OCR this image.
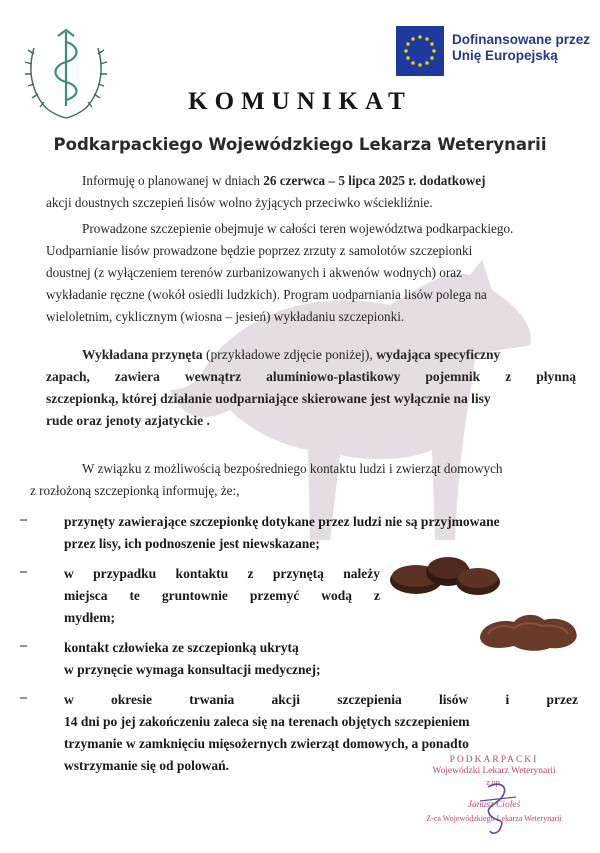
Dofinansowane przez
Unię Europejską
KOMUNIKAT
Podkarpackiego Wojewódzkiego Lekarza Weterynarii
Informuję o planowanej w dniach 26 czerwca – 5 lipca 2025 r. dodatkowej
akcji doustnych szczepień lisów wolno żyjących przeciwko wściekliźnie.
Prowadzone szczepienie obejmuje w całości teren województwa podkarpackiego.
Uodparnianie lisów prowadzone będzie poprzez zrzuty z samolotów szczepionki
doustnej (z wyłączeniem terenów zurbanizowanych i akwenów wodnych) oraz
wykładanie ręczne (wokół osiedli ludzkich). Program uodparniania lisów polega na
wieloletnim, cyklicznym (wiosna – jesień) wykładaniu szczepionki.
Wykładana przynęta (przykładowe zdjęcie poniżej), wydająca specyficzny
zapach, zawiera wewnątrz aluminiowo-plastikowy pojemnik z płynną
szczepionką, której działanie uodparniające skierowane jest wyłącznie na lisy
rude oraz jenoty azjatyckie .
W związku z możliwością bezpośredniego kontaktu ludzi i zwierząt domowych
z rozłożoną szczepionką informuję, że:,
–	przynęty zawierające szczepionkę dotykane przez ludzi nie są przyjmowane
przez lisy, ich podnoszenie jest niewskazane;
–	w przypadku kontaktu z przynętą należy
miejsca te gruntownie przemyć wodą z
mydłem;
–	kontakt człowieka ze szczepionką ukrytą
w przynęcie wymaga konsultacji medycznej;
–	w okresie trwania akcji szczepienia lisów i przez
14 dni po jej zakończeniu zaleca się na terenach objętych szczepieniem
trzymanie w zamknięciu mięsożernych zwierząt domowych, a ponadto
wstrzymanie się od polowań.	PODKARPACKI
Wojewódzki Lekarz Weterynarii
z up.
Janusz Cioleś
Z-ca Wojewódzkiego Lekarza Weterynarii
